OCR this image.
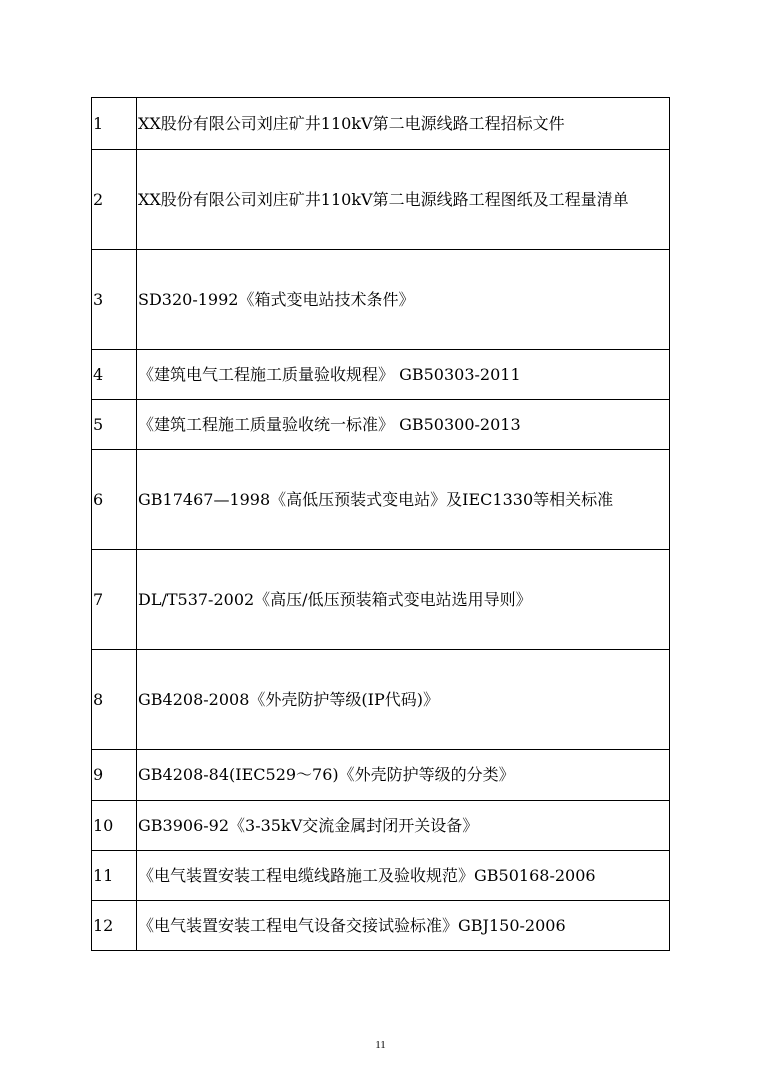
1	XX股份有限公司刘庄矿井110kV第二电源线路工程招标文件
2	XX股份有限公司刘庄矿井110kV第二电源线路工程图纸及工程量清单
3	SD320-1992《箱式变电站技术条件》
4	《建筑电气工程施工质量验收规程》 GB50303-2011
5	《建筑工程施工质量验收统一标准》 GB50300-2013
6	GB17467—1998《高低压预装式变电站》及IEC1330等相关标准
7	DL/T537-2002《高压/低压预装箱式变电站选用导则》
8	GB4208-2008《外壳防护等级(IP代码)》
9	GB4208-84(IEC529～76)《外壳防护等级的分类》
10	GB3906-92《3-35kV交流金属封闭开关设备》
11	《电气装置安装工程电缆线路施工及验收规范》GB50168-2006
12	《电气装置安装工程电气设备交接试验标准》GBJ150-2006
11
